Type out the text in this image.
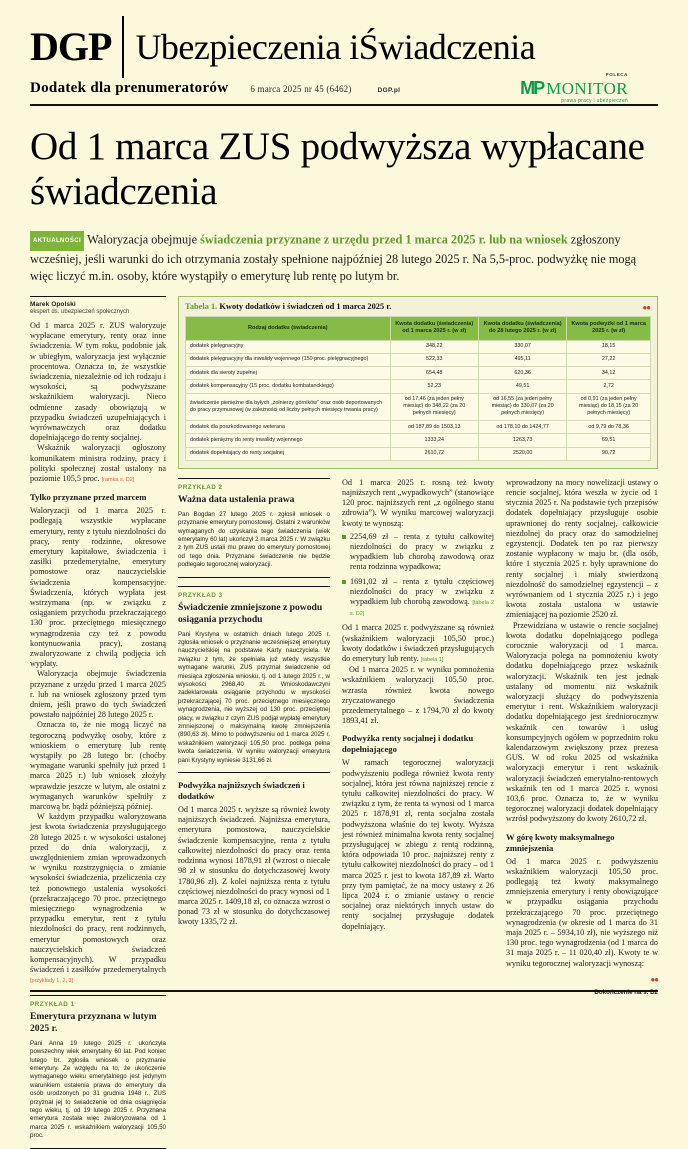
DGP Ubezpieczenia iŚwiadczenia
Dodatek dla prenumeratorów 6 marca 2025 nr 45 (6462)	DGP.pl
POLECA
MP MONITOR
prawa pracy i ubezpieczeń
Od 1 marca ZUS podwyższa wypłacane świadczenia
AKTUALNOŚCI Waloryzacja obejmuje świadczenia przyznane z urzędu przed 1 marca 2025 r. lub na wniosek zgłoszony wcześniej, jeśli warunki do ich otrzymania zostały spełnione najpóźniej 28 lutego 2025 r. Na 5,5-proc. podwyżkę nie mogą więc liczyć m.in. osoby, które wystąpiły o emeryturę lub rentę po lutym br.
Marek Opolski
ekspert ds. ubezpieczeń społecznych

Od 1 marca 2025 r. ZUS waloryzuje wypłacane emerytury, renty oraz inne świadczenia. W tym roku, podobnie jak w ubiegłym, waloryzacja jest wyłącznie procentowa. Oznacza to, że wszystkie świadczenia, niezależnie od ich rodzaju i wysokości, są podwyższane wskaźnikiem waloryzacji. Nieco odmienne zasady obowiązują w przypadku świadczeń uzupełniających i wyrównawczych oraz dodatku dopełniającego do renty socjalnej.

Wskaźnik waloryzacji ogłoszony komunikatem ministra rodziny, pracy i polityki społecznej został ustalony na poziomie 105,5 proc. [ramka s. D2]

Tylko przyznane przed marcem

Waloryzacji od 1 marca 2025 r. podlegają wszystkie wypłacane emerytury, renty z tytułu niezdolności do pracy, renty rodzinne, okresowe emerytury kapitałowe, świadczenia i zasiłki przedemerytalne, emerytury pomostowe oraz nauczycielskie świadczenia kompensacyjne. Świadczenia, których wypłata jest wstrzymana (np. w związku z osiąganiem przychodu przekraczającego 130 proc. przeciętnego miesięcznego wynagrodzenia czy też z powodu kontynuowania pracy), zostaną zwaloryzowane z chwilą podjęcia ich wypłaty.

Waloryzacja obejmuje świadczenia przyznane z urzędu przed 1 marca 2025 r. lub na wniosek zgłoszony przed tym dniem, jeśli prawo do tych świadczeń powstało najpóźniej 28 lutego 2025 r.

Oznacza to, że nie mogą liczyć na tegoroczną podwyżkę osoby, które z wnioskiem o emeryturę lub rentę wystąpiły po 28 lutego br. (choćby wymagane warunki spełniły już przed 1 marca 2025 r.) lub wniosek złożyły wprawdzie jeszcze w lutym, ale ostatni z wymaganych warunków spełniły z marcową br. bądź późniejszą później.

W każdym przypadku waloryzowana jest kwota świadczenia przysługującego 28 lutego 2025 r. w wysokości ustalonej przed do dnia waloryzacji, z uwzględnieniem zmian wprowadzonych w wyniku rozstrzygnięcia o zmianie wysokości świadczenia, przeliczenia czy też ponownego ustalenia wysokości (przekraczającego 70 proc. przeciętnego miesięcznego wynagrodzenia w przypadku emerytur, rent z tytułu niezdolności do pracy, rent rodzinnych, emerytur pomostowych oraz nauczycielskich świadczeń kompensacyjnych). W przypadku świadczeń i zasiłków przedemerytalnych [przykłady 1, 2, 3]

PRZYKŁAD 1
Emerytura przyznana w lutym 2025 r.
Pani Anna 19 lutego 2025 r. ukończyła powszechny wiek emerytalny 60 lat. Pod koniec lutego br. zgłosiła wniosek o przyznanie emerytury. Ze względu na to, że ukończenie wymaganego wieku emerytalnego jest jedynym warunkiem ustalenia prawa do emerytury dla osób urodzonych po 31 grudnia 1948 r., ZUS przyznał jej to świadczenie od dnia osiągnięcia tego wieku, tj. od 19 lutego 2025 r. Przyznana emerytura została więc zwaloryzowana od 1 marca 2025 r. wskaźnikiem waloryzacji 105,50 proc.
●●
Tabela 1. Kwoty dodatków i świadczeń od 1 marca 2025 r.
Rodzaj dodatku (świadczenia)	Kwota dodatku (świadczenia) od 1 marca 2025 r. (w zł)	Kwota dodatku (świadczenia) do 28 lutego 2025 r. (w zł)	Kwota podwyżki od 1 marca 2025 r. (w zł)
dodatek pielęgnacyjny	348,22	330,07	18,15
dodatek pielęgnacyjny dla inwalidy wojennego (150 proc. pielęgnacyjnego)	522,33	495,11	27,22
dodatek dla sieroty zupełnej	654,48	620,36	34,12
dodatek kompensacyjny (15 proc. dodatku kombatanckiego)	52,23	49,51	2,72
świadczenie pieniężne dla byłych „żołnierzy górników” oraz osób deportowanych do pracy przymusowej (w zależności od liczby pełnych miesięcy trwania pracy)	od 17,46 (za jeden pełny miesiąc) do 348,22 (za 20 pełnych miesięcy)	od 16,55 (za jeden pełny miesiąc) do 330,07 (za 20 pełnych miesięcy)	od 0,91 (za jeden pełny miesiąc) do 18,15 (za 20 pełnych miesięcy)
dodatek dla poszkodowanego weterana	od 187,89 do 1503,13	od 178,10 do 1424,77	od 9,79 do 78,36
dodatek pieniężny do renty inwalidy wojennego	1333,24	1263,73	69,51
dodatek dopełniający do renty socjalnej	2610,72	2520,00	90,72
PRZYKŁAD 2
Ważna data ustalenia prawa
Pan Bogdan 27 lutego 2025 r. zgłosił wniosek o przyznanie emerytury pomostowej. Ostatni z warunków wymaganych do uzyskania tego świadczenia (wiek emerytalny 60 lat) ukończył 2 marca 2025 r. W związku z tym ZUS ustali mu prawo do emerytury pomostowej od tego dnia. Przyznane świadczenie nie będzie podlegało tegorocznej waloryzacji.
PRZYKŁAD 3
Świadczenie zmniejszone z powodu osiągania przychodu
Pani Krystyna w ostatnich dniach lutego 2025 r. zgłosiła wniosek o przyznanie wcześniejszej emerytury nauczycielskiej na podstawie Karty nauczyciela. W związku z tym, że spełniała już wtedy wszystkie wymagane warunki, ZUS przyznał świadczenie od miesiąca zgłoszenia wniosku, tj. od 1 lutego 2025 r., w wysokości 2968,40 zł. Wnioskodawczyni zadeklarowała osiąganie przychodu w wysokości przekraczającej 70 proc. przeciętnego miesięcznego wynagrodzenia, nie wyższej od 130 proc. przeciętnej płacy, w związku z czym ZUS podjął wypłatę emerytury zmniejszonej o maksymalną kwotę zmniejszenia (890,63 zł). Mimo to podwyższeniu od 1 marca 2025 r. wskaźnikiem waloryzacji 105,50 proc. podlega pełna kwota świadczenia. W wyniku waloryzacji emerytura pani Krystyny wyniesie 3131,66 zł.
Podwyżka najniższych świadczeń i dodatków

Od 1 marca 2025 r. wyższe są również kwoty najniższych świadczeń. Najniższa emerytura, emerytura pomostowa, nauczycielskie świadczenie kompensacyjne, renta z tytułu całkowitej niezdolności do pracy oraz renta rodzinna wynosi 1878,91 zł (wzrost o niecałe 98 zł w stosunku do dotychczasowej kwoty 1780,96 zł). Z kolei najniższa renta z tytułu częściowej niezdolności do pracy wynosi od 1 marca 2025 r. 1409,18 zł, co oznacza wzrost o ponad 73 zł w stosunku do dotychczasowej kwoty 1335,72 zł.

Od 1 marca 2025 r. rosną też kwoty najniższych rent „wypadkowych” (stanowiące 120 proc. najniższych rent „z ogólnego stanu zdrowia”). W wyniku marcowej waloryzacji kwoty te wynoszą:

2254,69 zł – renta z tytułu całkowitej niezdolności do pracy w związku z wypadkiem lub chorobą zawodową oraz renta rodzinna wypadkowa;
1691,02 zł – renta z tytułu częściowej niezdolności do pracy w związku z wypadkiem lub chorobą zawodową. [tabela 2 s. D2]

Od 1 marca 2025 r. podwyższane są również (wskaźnikiem waloryzacji 105,50 proc.) kwoty dodatków i świadczeń przysługujących do emerytury lub renty. [tabela 1]

Od 1 marca 2025 r. w wyniku pomnożenia wskaźnikiem waloryzacji 105,50 proc. wzrasta również kwota nowego zryczatowanego świadczenia przedemerytalnego – z 1794,70 zł do kwoty 1893,41 zł.

Podwyżka renty socjalnej i dodatku dopełniającego

W ramach tegorocznej waloryzacji podwyższeniu podlega również kwota renty socjalnej, która jest równa najniższej rencie z tytułu całkowitej niezdolności do pracy. W związku z tym, że renta ta wynosi od 1 marca 2025 r. 1878,91 zł, renta socjalna została podwyższona właśnie do tej kwoty. Wyższa jest również minimalna kwota renty socjalnej przysługującej w zbiegu z rentą rodzinną, która odpowiada 10 proc. najniższej renty z tytułu całkowitej niezdolności do pracy – od 1 marca 2025 r. jest to kwota 187,89 zł. Warto przy tym pamiętać, że na mocy ustawy z 26 lipca 2024 r. o zmianie ustawy o rencie socjalnej oraz niektórych innych ustaw do renty socjalnej przysługuje dodatek dopełniający.

wprowadzony na mocy nowelizacji ustawy o rencie socjalnej, która weszła w życie od 1 stycznia 2025 r. Na podstawie tych przepisów dodatek dopełniający przysługuje osobie uprawnionej do renty socjalnej, całkowicie niezdolnej do pracy oraz do samodzielnej egzystencji. Dodatek ten po raz pierwszy zostanie wypłacony w maju br. (dla osób, które 1 stycznia 2025 r. były uprawnione do renty socjalnej i miały stwierdzoną niezdolność do samodzielnej egzystencji – z wyrównaniem od 1 stycznia 2025 r.) i jego kwota została ustalona w ustawie zmieniającej na poziomie 2520 zł.

Przewidziana w ustawie o rencie socjalnej kwota dodatku dopełniającego podlega corocznie waloryzacji od 1 marca. Waloryzacja polega na pomnożeniu kwoty dodatku dopełniającego przez wskaźnik waloryzacji. Wskaźnik ten jest jednak ustalany od momentu niż wskaźnik waloryzacji służący do podwyższenia emerytur i rent. Wskaźnikiem waloryzacji dodatku dopełniającego jest średniorocznyw wskaźnik cen towarów i usług konsumpcyjnych ogółem w poprzednim roku kalendarzowym zwiększony przez prezesa GUS. W od roku 2025 od wskaźnika waloryzacji emerytur i rent wskaźnik waloryzacji świadczeń emerytalno-rentowych wskaźnik ten od 1 marca 2025 r. wynosi 103,6 proc. Oznacza to, że w wyniku tegorocznej waloryzacji dodatek dopełniający wzrósł podwyższony do kwoty 2610,72 zł.

W górę kwoty maksymalnego zmniejszenia

Od 1 marca 2025 r. podwyższeniu wskaźnikiem waloryzacji 105,50 proc. podlegają też kwoty maksymalnego zmniejszenia emerytury i renty obowiązujące w przypadku osiągania przychodu przekraczającego 70 proc. przeciętnego wynagrodzenia (w okresie od 1 marca do 31 maja 2025 r. – 5934,10 zł), nie wyższego niż 130 proc. tego wynagrodzenia (od 1 marca do 31 maja 2025 r. – 11 020,40 zł). Kwoty te w wyniku tegorocznej waloryzacji wynoszą:

●●
Dokończenie na s. D2
